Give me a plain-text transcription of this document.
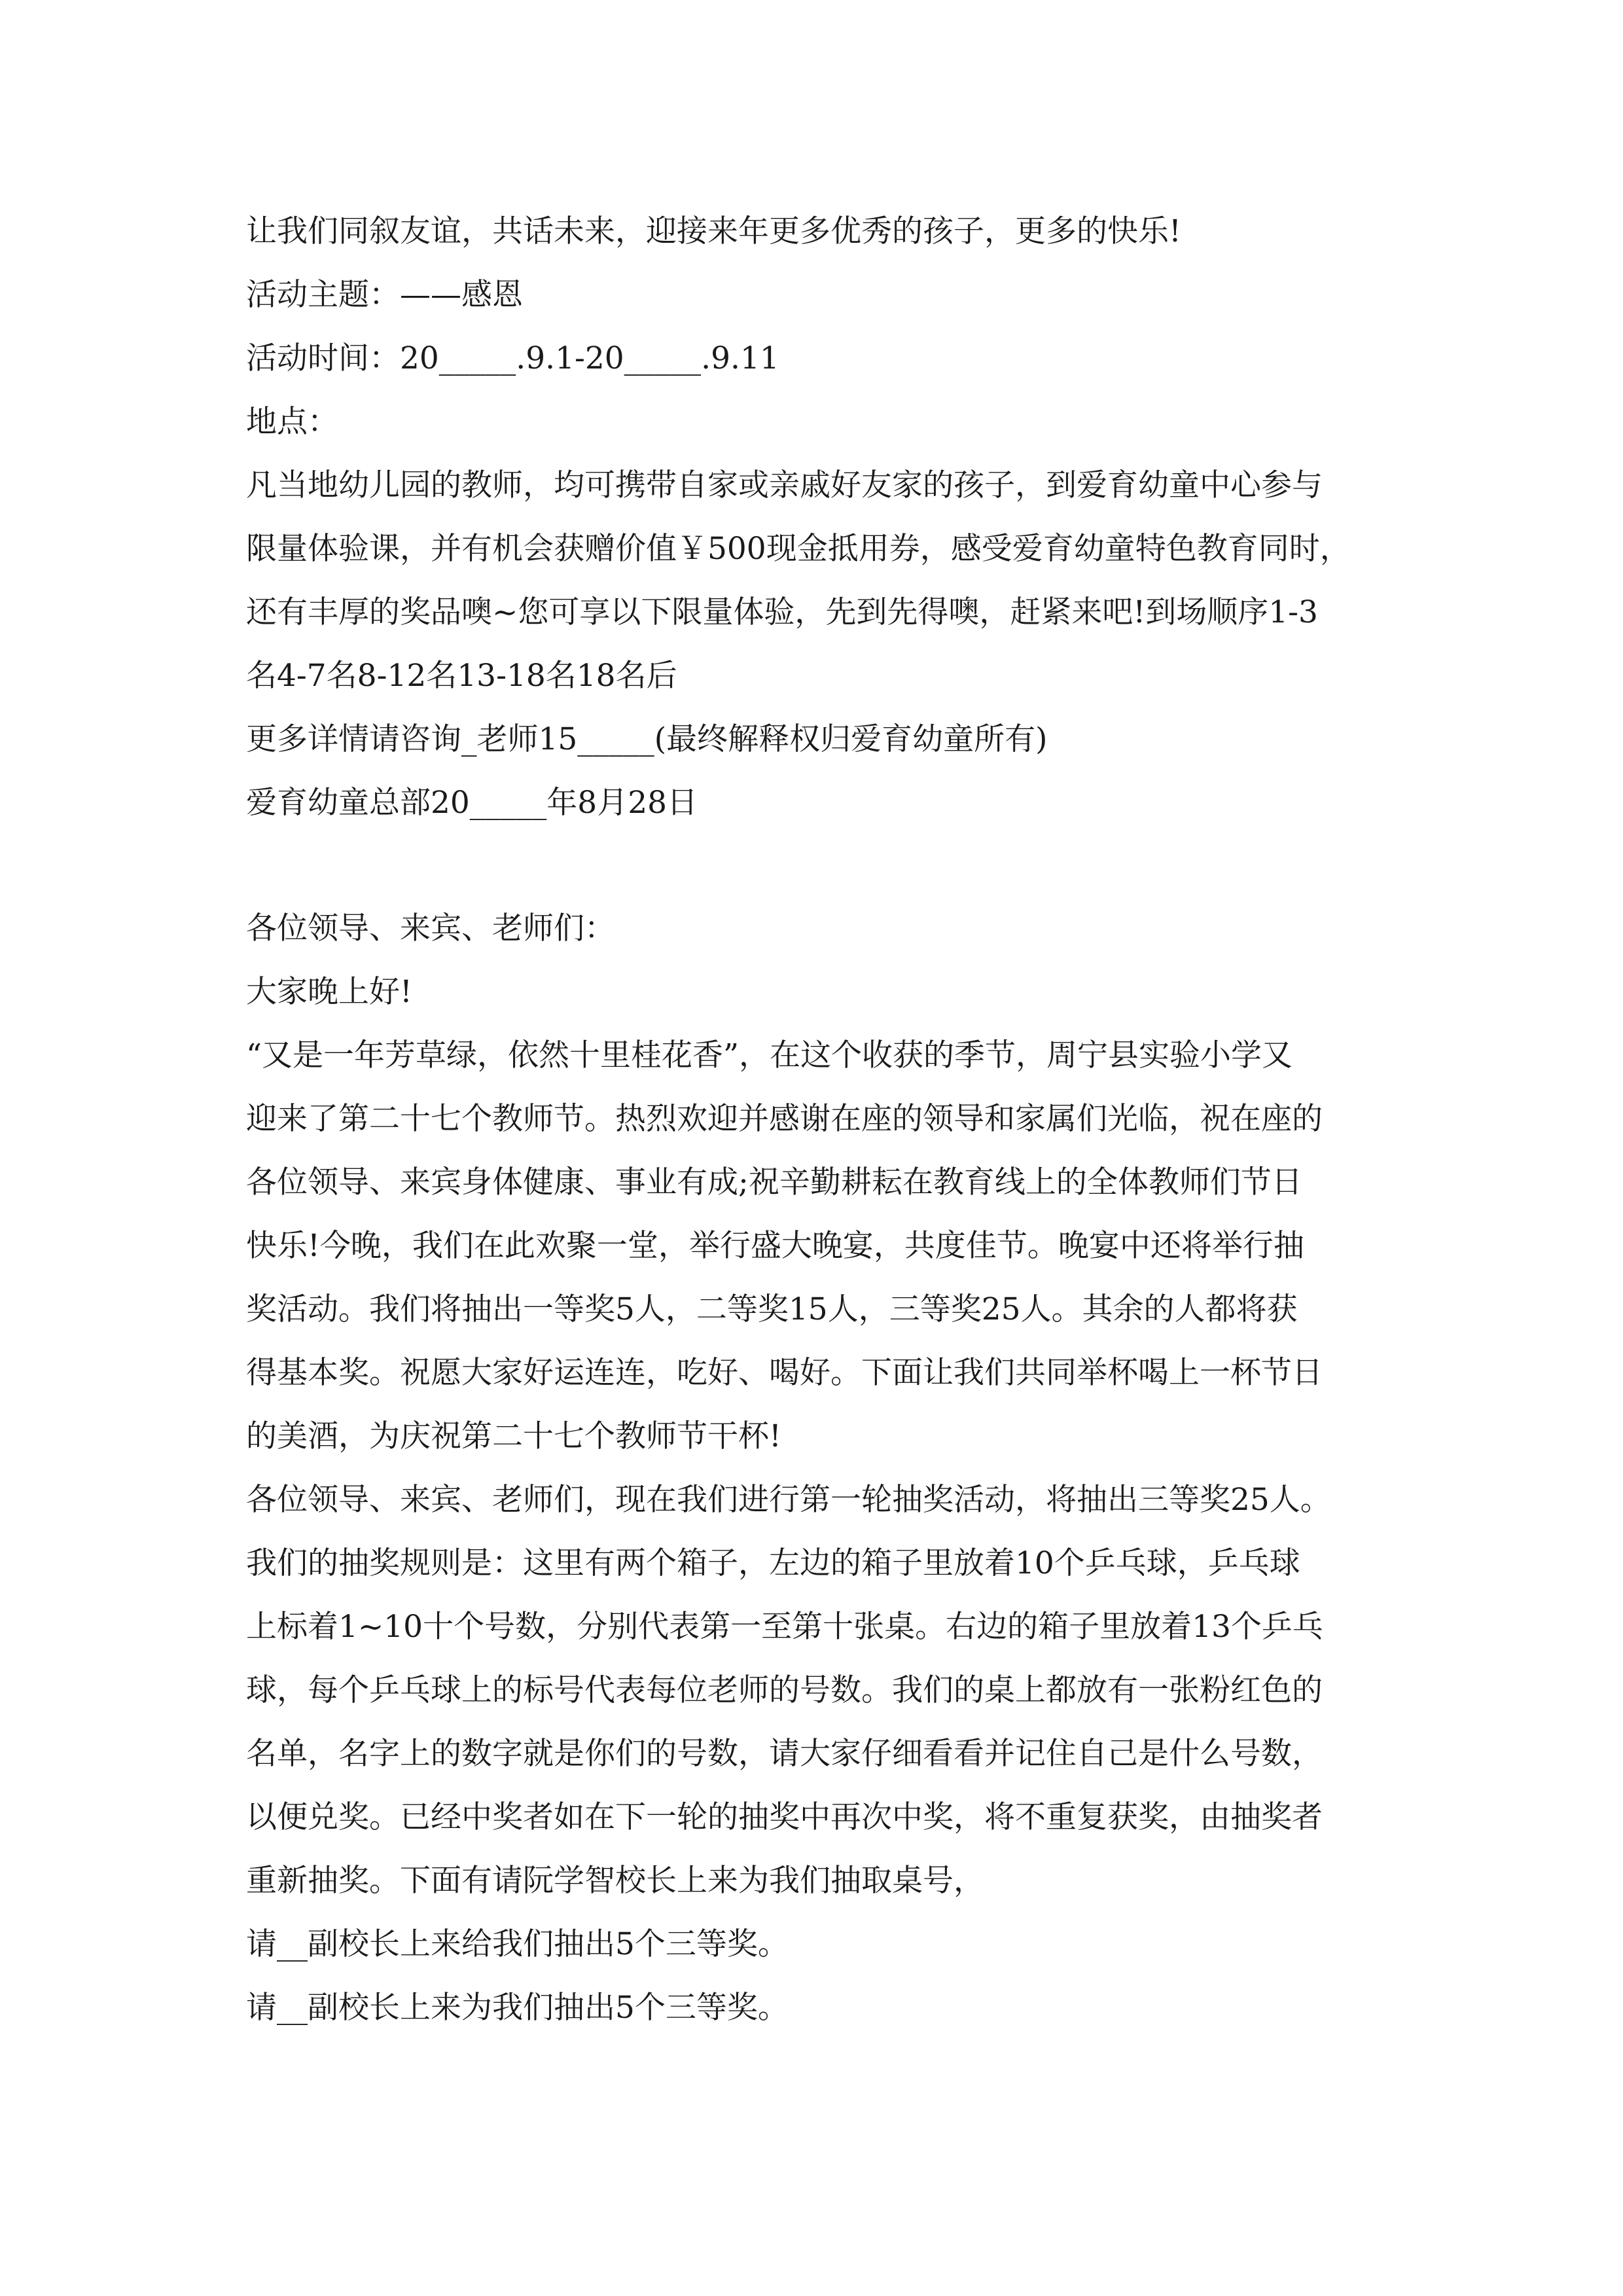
让我们同叙友谊，共话未来，迎接来年更多优秀的孩子，更多的快乐!
活动主题：——感恩
活动时间：20_____.9.1-20_____.9.11
地点：
凡当地幼儿园的教师，均可携带自家或亲戚好友家的孩子，到爱育幼童中心参与
限量体验课，并有机会获赠价值￥500现金抵用券，感受爱育幼童特色教育同时，
还有丰厚的奖品噢~您可享以下限量体验，先到先得噢，赶紧来吧!到场顺序1-3
名4-7名8-12名13-18名18名后
更多详情请咨询_老师15_____(最终解释权归爱育幼童所有)
爱育幼童总部20_____年8月28日
各位领导、来宾、老师们：
大家晚上好!
“又是一年芳草绿，依然十里桂花香”，在这个收获的季节，周宁县实验小学又
迎来了第二十七个教师节。热烈欢迎并感谢在座的领导和家属们光临，祝在座的
各位领导、来宾身体健康、事业有成;祝辛勤耕耘在教育线上的全体教师们节日
快乐!今晚，我们在此欢聚一堂，举行盛大晚宴，共度佳节。晚宴中还将举行抽
奖活动。我们将抽出一等奖5人，二等奖15人，三等奖25人。其余的人都将获
得基本奖。祝愿大家好运连连，吃好、喝好。下面让我们共同举杯喝上一杯节日
的美酒，为庆祝第二十七个教师节干杯!
各位领导、来宾、老师们，现在我们进行第一轮抽奖活动，将抽出三等奖25人。
我们的抽奖规则是：这里有两个箱子，左边的箱子里放着10个乒乓球，乒乓球
上标着1~10十个号数，分别代表第一至第十张桌。右边的箱子里放着13个乒乓
球，每个乒乓球上的标号代表每位老师的号数。我们的桌上都放有一张粉红色的
名单，名字上的数字就是你们的号数，请大家仔细看看并记住自己是什么号数，
以便兑奖。已经中奖者如在下一轮的抽奖中再次中奖，将不重复获奖，由抽奖者
重新抽奖。下面有请阮学智校长上来为我们抽取桌号，
请__副校长上来给我们抽出5个三等奖。
请__副校长上来为我们抽出5个三等奖。
